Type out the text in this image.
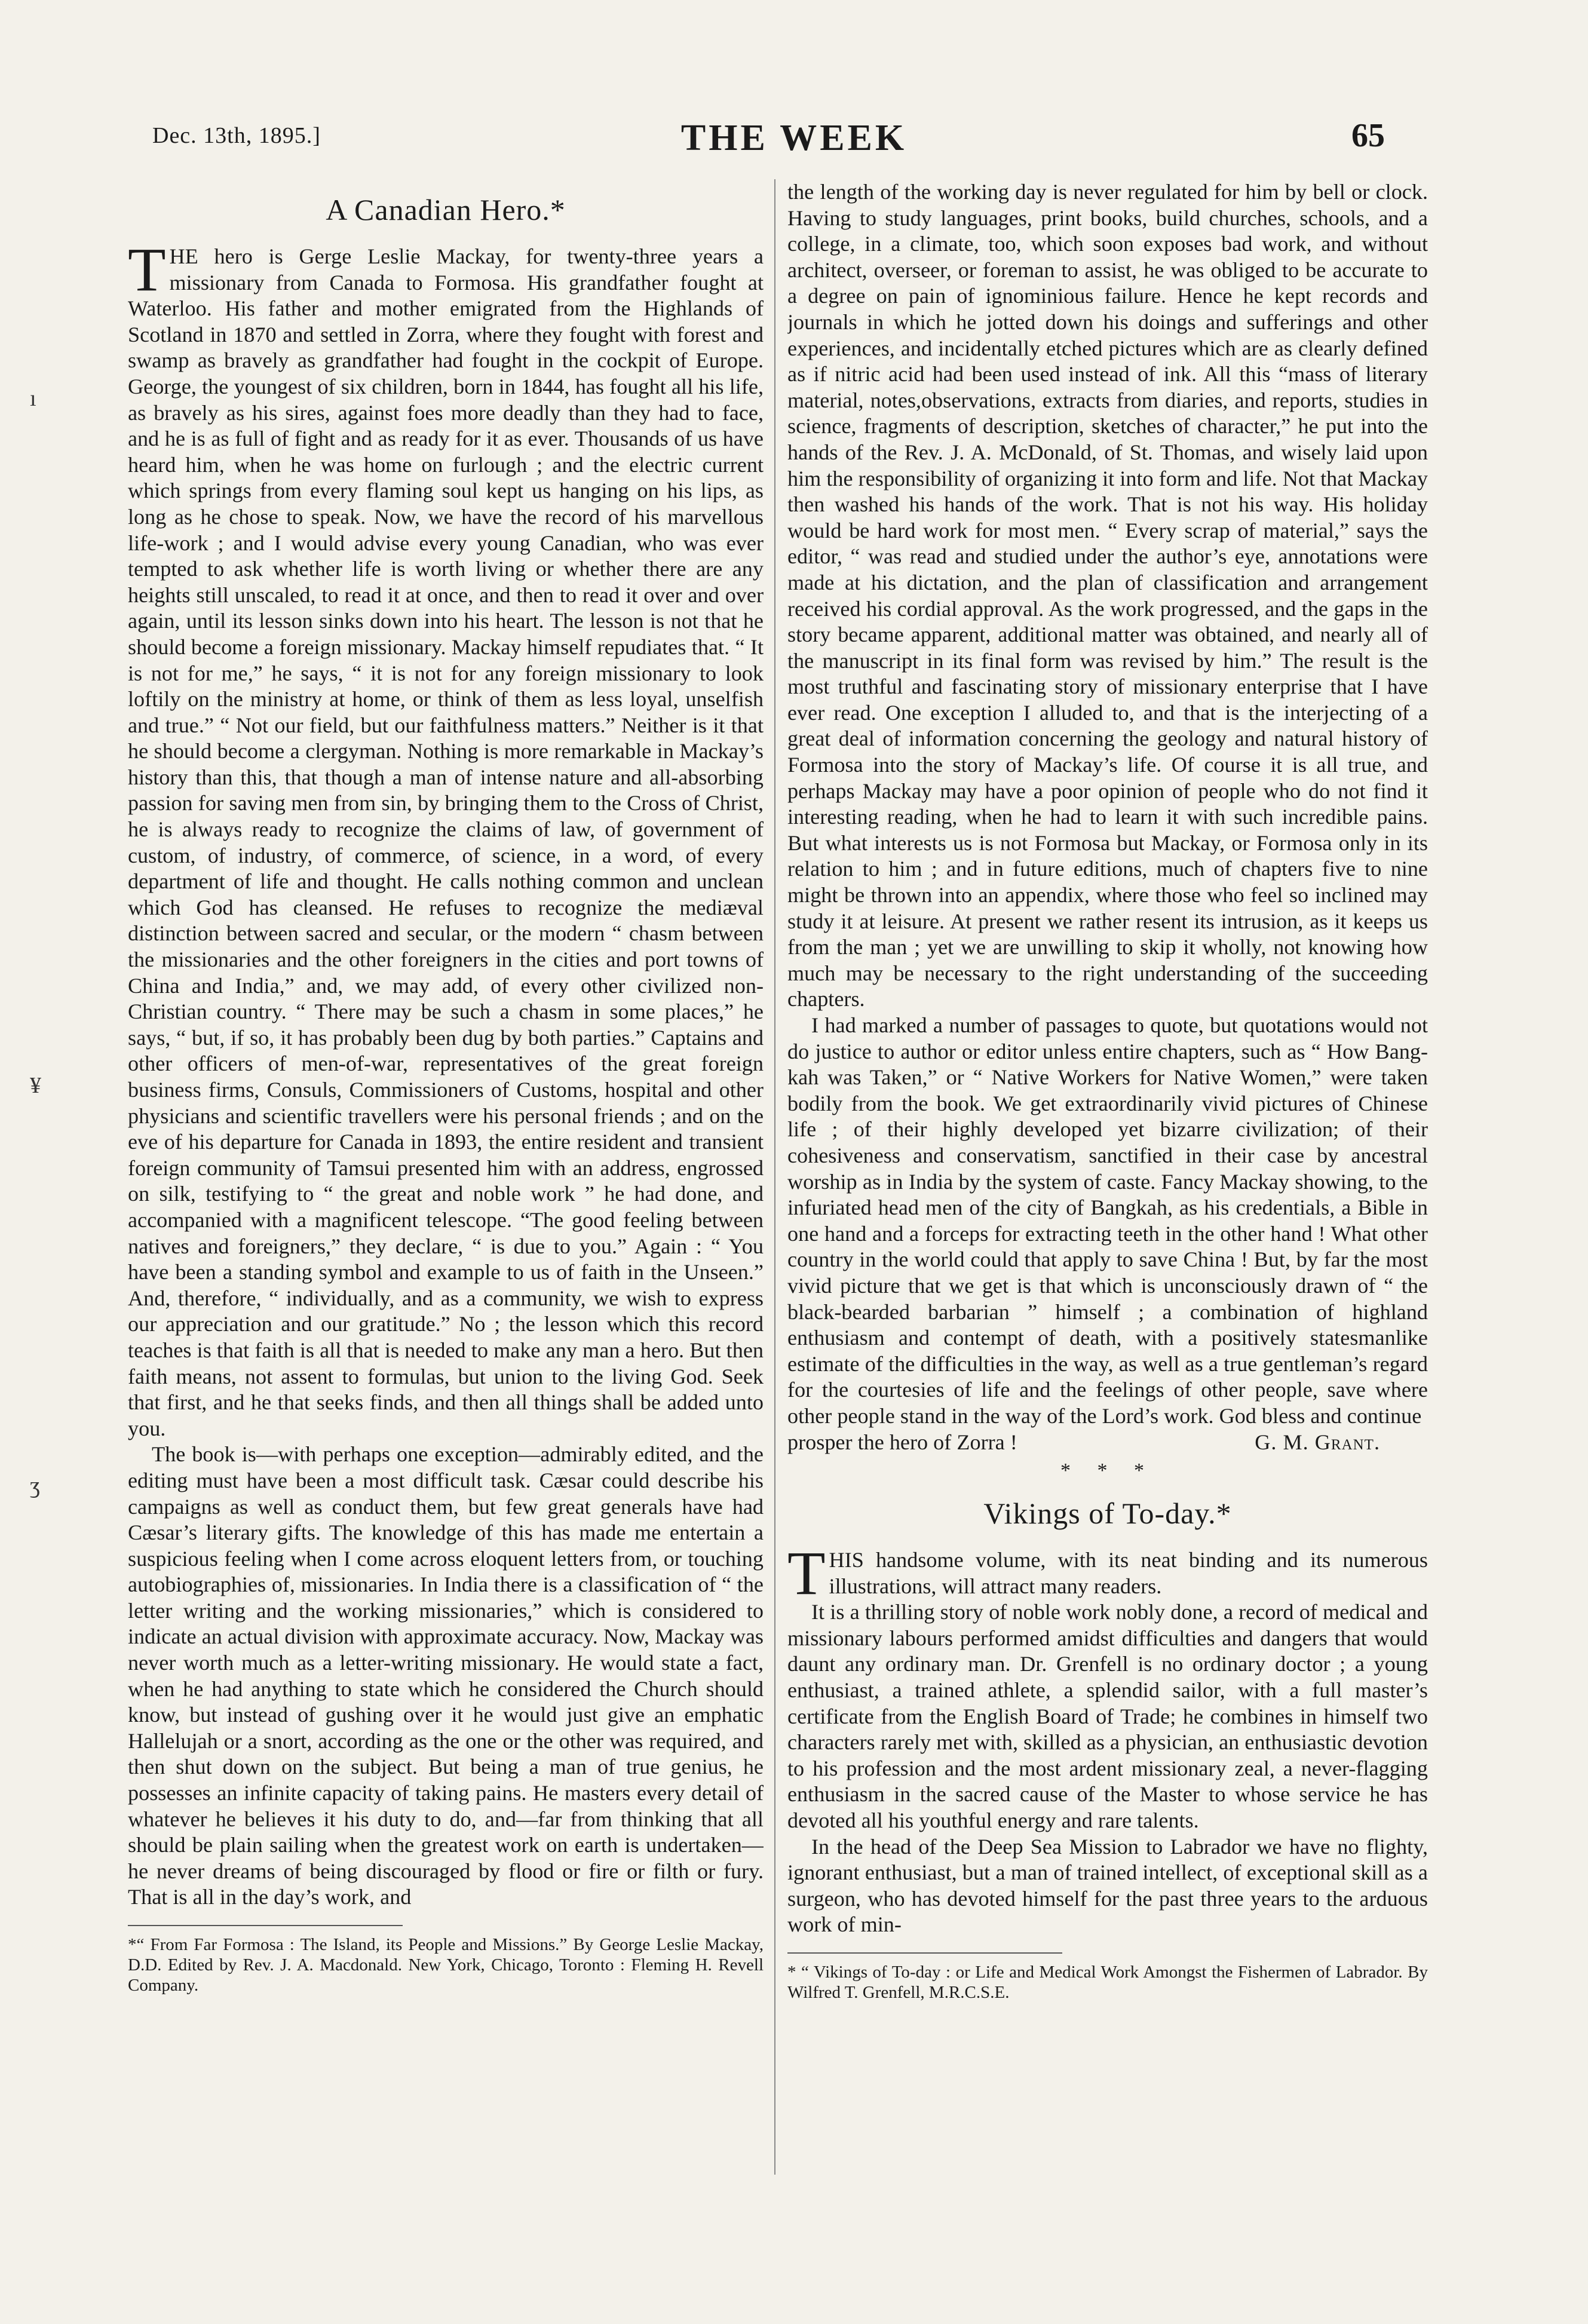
Dec. 13th, 1895.]	THE WEEK	65
ı
¥
ʒ
A Canadian Hero.*

THE hero is Gerge Leslie Mackay, for twenty-three years a missionary from Canada to Formosa. His grandfather fought at Waterloo. His father and mother emigrated from the Highlands of Scotland in 1870 and settled in Zorra, where they fought with forest and swamp as bravely as grandfather had fought in the cockpit of Europe. George, the youngest of six children, born in 1844, has fought all his life, as bravely as his sires, against foes more deadly than they had to face, and he is as full of fight and as ready for it as ever. Thousands of us have heard him, when he was home on furlough ; and the electric current which springs from every flaming soul kept us hanging on his lips, as long as he chose to speak. Now, we have the record of his marvellous life-work ; and I would advise every young Canadian, who was ever tempted to ask whether life is worth living or whether there are any heights still unscaled, to read it at once, and then to read it over and over again, until its lesson sinks down into his heart. The lesson is not that he should become a foreign missionary. Mackay himself repudiates that. “ It is not for me,” he says, “ it is not for any foreign missionary to look loftily on the ministry at home, or think of them as less loyal, unselfish and true.” “ Not our field, but our faithfulness matters.” Neither is it that he should become a clergyman. Nothing is more remarkable in Mackay’s history than this, that though a man of intense nature and all-absorbing passion for saving men from sin, by bringing them to the Cross of Christ, he is always ready to recognize the claims of law, of government of custom, of industry, of commerce, of science, in a word, of every department of life and thought. He calls nothing common and unclean which God has cleansed. He refuses to recognize the mediæval distinction between sacred and secular, or the modern “ chasm between the missionaries and the other foreigners in the cities and port towns of China and India,” and, we may add, of every other civilized non-Christian country. “ There may be such a chasm in some places,” he says, “ but, if so, it has probably been dug by both parties.” Captains and other officers of men-of-war, representatives of the great foreign business firms, Consuls, Commissioners of Customs, hospital and other physicians and scientific travellers were his personal friends ; and on the eve of his departure for Canada in 1893, the entire resident and transient foreign community of Tamsui presented him with an address, engrossed on silk, testifying to “ the great and noble work ” he had done, and accompanied with a magnificent telescope. “The good feeling between natives and foreigners,” they declare, “ is due to you.” Again : “ You have been a standing symbol and example to us of faith in the Unseen.” And, therefore, “ individually, and as a community, we wish to express our appreciation and our gratitude.” No ; the lesson which this record teaches is that faith is all that is needed to make any man a hero. But then faith means, not assent to formulas, but union to the living God. Seek that first, and he that seeks finds, and then all things shall be added unto you.

The book is—with perhaps one exception—admirably edited, and the editing must have been a most difficult task. Cæsar could describe his campaigns as well as conduct them, but few great generals have had Cæsar’s literary gifts. The knowledge of this has made me entertain a suspicious feeling when I come across eloquent letters from, or touching autobiographies of, missionaries. In India there is a classification of “ the letter writing and the working missionaries,” which is considered to indicate an actual division with approximate accuracy. Now, Mackay was never worth much as a letter-writing missionary. He would state a fact, when he had anything to state which he considered the Church should know, but instead of gushing over it he would just give an emphatic Hallelujah or a snort, according as the one or the other was required, and then shut down on the subject. But being a man of true genius, he possesses an infinite capacity of taking pains. He masters every detail of whatever he believes it his duty to do, and—far from thinking that all should be plain sailing when the greatest work on earth is undertaken—he never dreams of being discouraged by flood or fire or filth or fury. That is all in the day’s work, and

*“ From Far Formosa : The Island, its People and Missions.” By George Leslie Mackay, D.D. Edited by Rev. J. A. Macdonald. New York, Chicago, Toronto : Fleming H. Revell Company.

the length of the working day is never regulated for him by bell or clock. Having to study languages, print books, build churches, schools, and a college, in a climate, too, which soon exposes bad work, and without architect, overseer, or foreman to assist, he was obliged to be accurate to a degree on pain of ignominious failure. Hence he kept records and journals in which he jotted down his doings and sufferings and other experiences, and incidentally etched pictures which are as clearly defined as if nitric acid had been used instead of ink. All this “mass of literary material, notes,observations, extracts from diaries, and reports, studies in science, fragments of description, sketches of character,” he put into the hands of the Rev. J. A. McDonald, of St. Thomas, and wisely laid upon him the responsibility of organizing it into form and life. Not that Mackay then washed his hands of the work. That is not his way. His holiday would be hard work for most men. “ Every scrap of material,” says the editor, “ was read and studied under the author’s eye, annotations were made at his dictation, and the plan of classification and arrangement received his cordial approval. As the work progressed, and the gaps in the story became apparent, additional matter was obtained, and nearly all of the manuscript in its final form was revised by him.” The result is the most truthful and fascinating story of missionary enterprise that I have ever read. One exception I alluded to, and that is the interjecting of a great deal of information concerning the geology and natural history of Formosa into the story of Mackay’s life. Of course it is all true, and perhaps Mackay may have a poor opinion of people who do not find it interesting reading, when he had to learn it with such incredible pains. But what interests us is not Formosa but Mackay, or Formosa only in its relation to him ; and in future editions, much of chapters five to nine might be thrown into an appendix, where those who feel so inclined may study it at leisure. At present we rather resent its intrusion, as it keeps us from the man ; yet we are unwilling to skip it wholly, not knowing how much may be necessary to the right understanding of the succeeding chapters.

I had marked a number of passages to quote, but quotations would not do justice to author or editor unless entire chapters, such as “ How Bang-kah was Taken,” or “ Native Workers for Native Women,” were taken bodily from the book. We get extraordinarily vivid pictures of Chinese life ; of their highly developed yet bizarre civilization; of their cohesiveness and conservatism, sanctified in their case by ancestral worship as in India by the system of caste. Fancy Mackay showing, to the infuriated head men of the city of Bangkah, as his credentials, a Bible in one hand and a forceps for extracting teeth in the other hand ! What other country in the world could that apply to save China ! But, by far the most vivid picture that we get is that which is unconsciously drawn of “ the black-bearded barbarian ” himself ; a combination of highland enthusiasm and contempt of death, with a positively statesmanlike estimate of the difficulties in the way, as well as a true gentleman’s regard for the courtesies of life and the feelings of other people, save where other people stand in the way of the Lord’s work. God bless and continue

prosper the hero of Zorra !	G. M. Grant.
* * *
Vikings of To-day.*

THIS handsome volume, with its neat binding and its numerous illustrations, will attract many readers.

It is a thrilling story of noble work nobly done, a record of medical and missionary labours performed amidst difficulties and dangers that would daunt any ordinary man. Dr. Grenfell is no ordinary doctor ; a young enthusiast, a trained athlete, a splendid sailor, with a full master’s certificate from the English Board of Trade; he combines in himself two characters rarely met with, skilled as a physician, an enthusiastic devotion to his profession and the most ardent missionary zeal, a never-flagging enthusiasm in the sacred cause of the Master to whose service he has devoted all his youthful energy and rare talents.

In the head of the Deep Sea Mission to Labrador we have no flighty, ignorant enthusiast, but a man of trained intellect, of exceptional skill as a surgeon, who has devoted himself for the past three years to the arduous work of min-

* “ Vikings of To-day : or Life and Medical Work Amongst the Fishermen of Labrador. By Wilfred T. Grenfell, M.R.C.S.E.
